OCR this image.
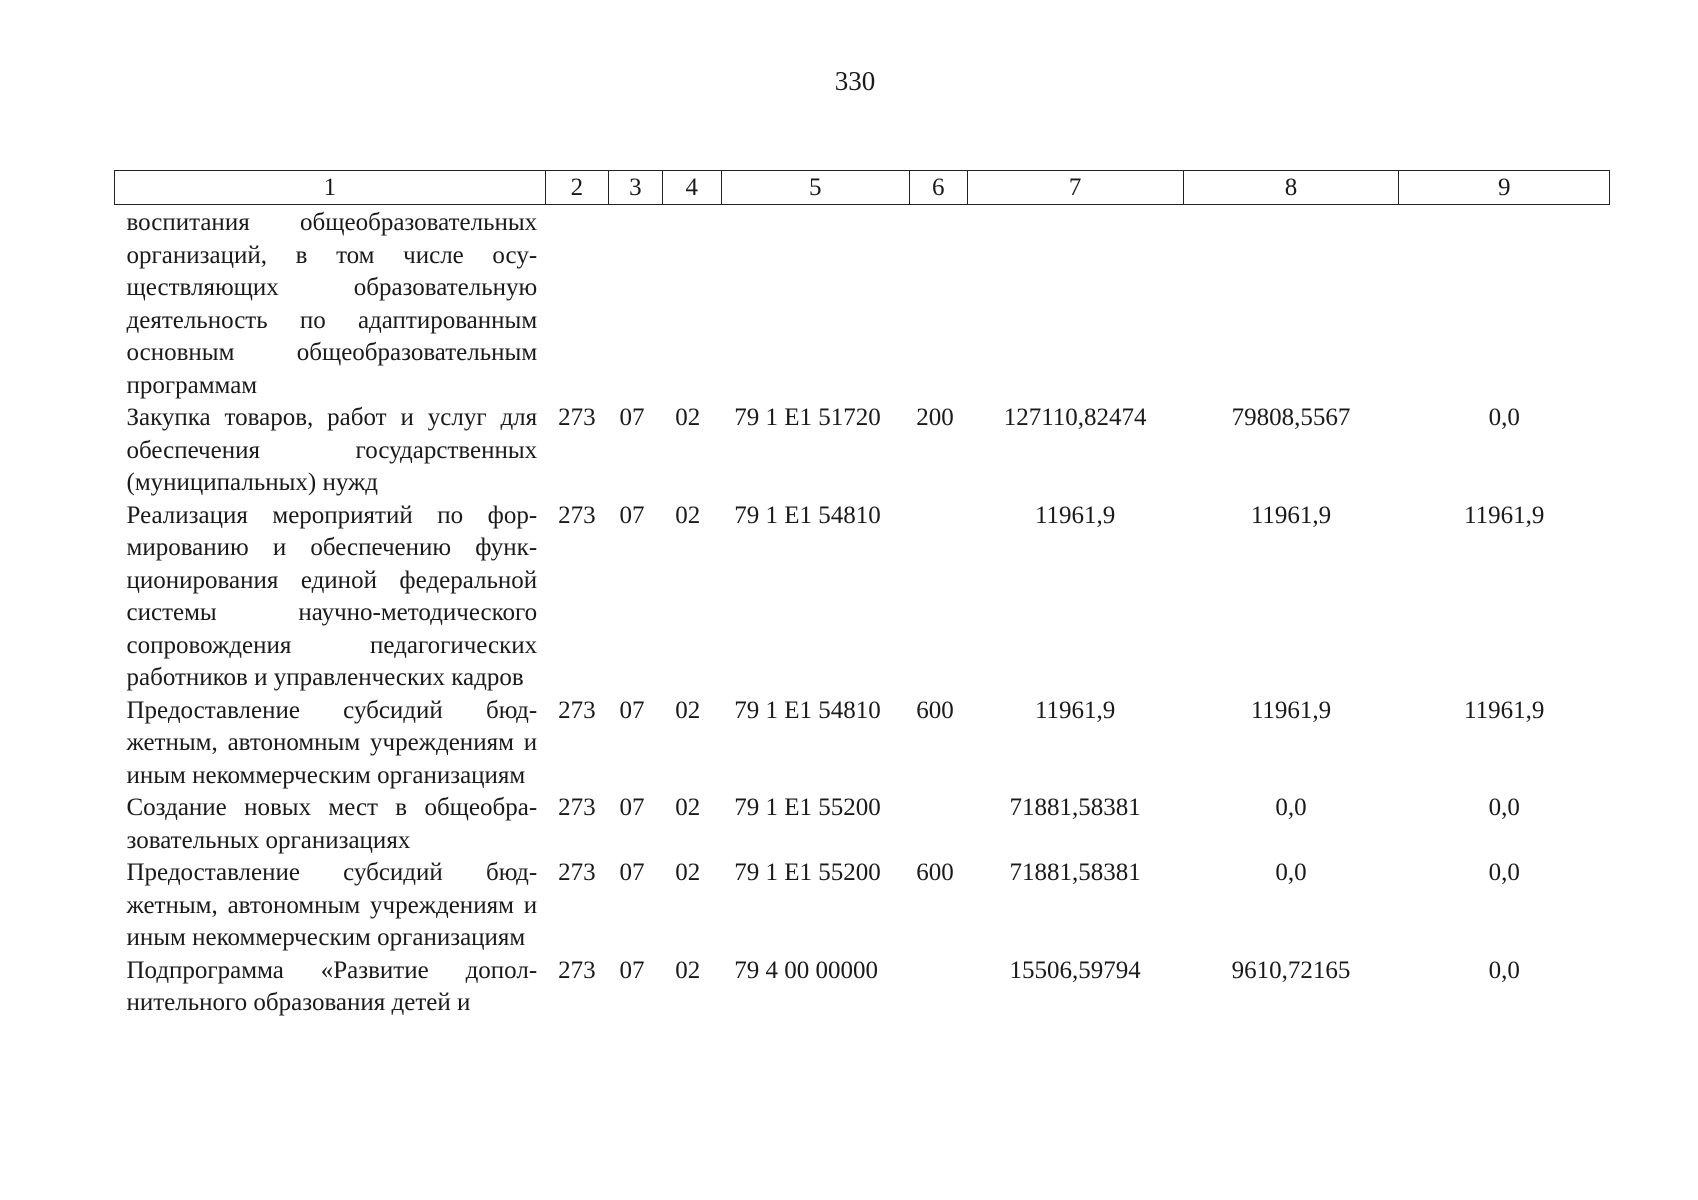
330
1	2	3	4	5	6	7	8	9
воспитания общеобразовательных организаций, в том числе осуществляющих образовательную деятельность по адаптированным основным общеобразовательным программам								
Закупка товаров, работ и услуг для обеспечения государственных (муниципальных) нужд	273	07	02	79 1 E1 51720	200	127110,82474	79808,5567	0,0
Реализация мероприятий по формированию и обеспечению функционирования единой федеральной системы научно-методического сопровождения педагогических работников и управленческих кадров	273	07	02	79 1 E1 54810		11961,9	11961,9	11961,9
Предоставление субсидий бюджетным, автономным учреждениям и иным некоммерческим организациям	273	07	02	79 1 E1 54810	600	11961,9	11961,9	11961,9
Создание новых мест в общеобразовательных организациях	273	07	02	79 1 E1 55200		71881,58381	0,0	0,0
Предоставление субсидий бюджетным, автономным учреждениям и иным некоммерческим организациям	273	07	02	79 1 E1 55200	600	71881,58381	0,0	0,0
Подпрограмма «Развитие дополнительного образования детей и	273	07	02	79 4 00 00000		15506,59794	9610,72165	0,0
